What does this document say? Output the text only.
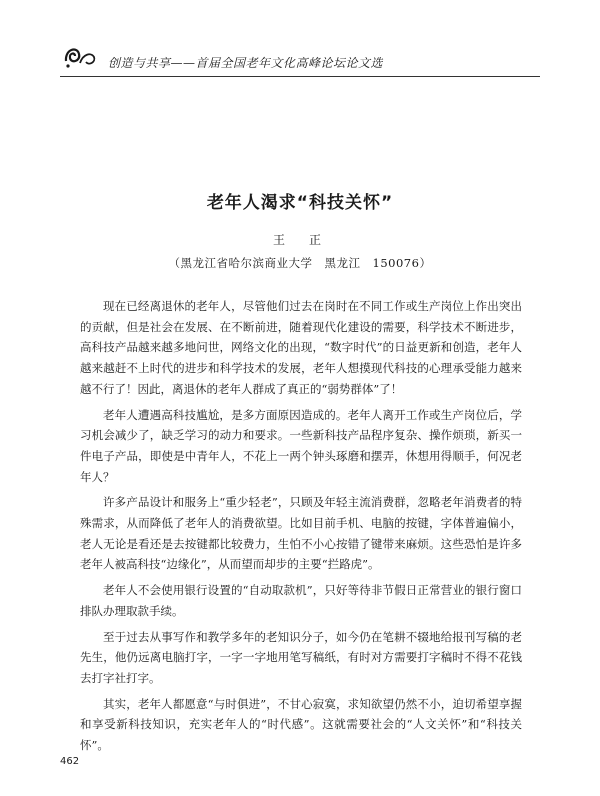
创造与共享——首届全国老年文化高峰论坛论文选
老年人渴求“科技关怀”
王　正
（黑龙江省哈尔滨商业大学　黑龙江　150076）

现在已经离退休的老年人，尽管他们过去在岗时在不同工作或生产岗位上作出突出的贡献，但是社会在发展、在不断前进，随着现代化建设的需要，科学技术不断进步，高科技产品越来越多地问世，网络文化的出现，“数字时代”的日益更新和创造，老年人越来越赶不上时代的进步和科学技术的发展，老年人想摸现代科技的心理承受能力越来越不行了！因此，离退休的老年人群成了真正的“弱势群体”了！

老年人遭遇高科技尴尬，是多方面原因造成的。老年人离开工作或生产岗位后，学习机会减少了，缺乏学习的动力和要求。一些新科技产品程序复杂、操作烦琐，新买一件电子产品，即使是中青年人，不花上一两个钟头琢磨和摆弄，休想用得顺手，何况老年人？

许多产品设计和服务上“重少轻老”，只顾及年轻主流消费群，忽略老年消费者的特殊需求，从而降低了老年人的消费欲望。比如目前手机、电脑的按键，字体普遍偏小，老人无论是看还是去按键都比较费力，生怕不小心按错了键带来麻烦。这些恐怕是许多老年人被高科技“边缘化”，从而望而却步的主要“拦路虎”。

老年人不会使用银行设置的“自动取款机”，只好等待非节假日正常营业的银行窗口排队办理取款手续。

至于过去从事写作和教学多年的老知识分子，如今仍在笔耕不辍地给报刊写稿的老先生，他仍远离电脑打字，一字一字地用笔写稿纸，有时对方需要打字稿时不得不花钱去打字社打字。

其实，老年人都愿意“与时俱进”，不甘心寂寞，求知欲望仍然不小，迫切希望享握和享受新科技知识，充实老年人的“时代感”。这就需要社会的“人文关怀”和“科技关怀”。

462
